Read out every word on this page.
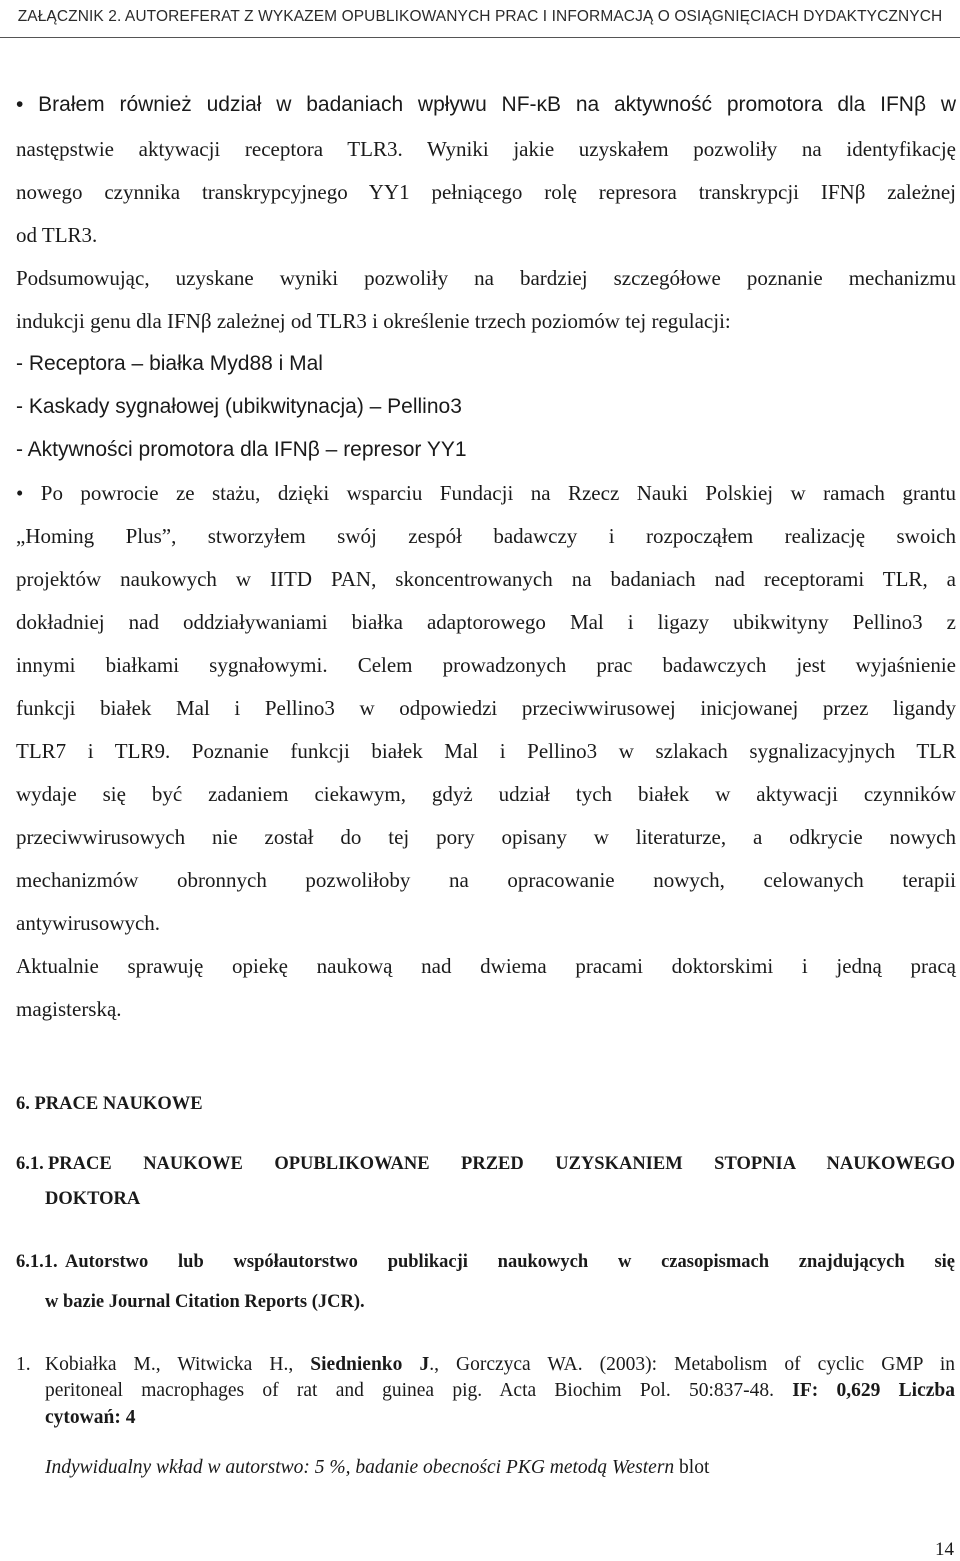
ZAŁĄCZNIK 2. AUTOREFERAT Z WYKAZEM OPUBLIKOWANYCH PRAC I INFORMACJĄ O OSIĄGNIĘCIACH DYDAKTYCZNYCH
• Brałem również udział w badaniach wpływu NF-κB na aktywność promotora dla IFNβ w
następstwie aktywacji receptora TLR3. Wyniki jakie uzyskałem pozwoliły na identyfikację
nowego czynnika transkrypcyjnego YY1 pełniącego rolę represora transkrypcji IFNβ zależnej
od TLR3.
Podsumowując, uzyskane wyniki pozwoliły na bardziej szczegółowe poznanie mechanizmu
indukcji genu dla IFNβ zależnej od TLR3 i określenie trzech poziomów tej regulacji:
- Receptora – białka Myd88 i Mal
- Kaskady sygnałowej (ubikwitynacja) – Pellino3
- Aktywności promotora dla IFNβ – represor YY1
• Po powrocie ze stażu, dzięki wsparciu Fundacji na Rzecz Nauki Polskiej w ramach grantu
„Homing Plus”, stworzyłem swój zespół badawczy i rozpocząłem realizację swoich
projektów naukowych w IITD PAN, skoncentrowanych na badaniach nad receptorami TLR, a
dokładniej nad oddziaływaniami białka adaptorowego Mal i ligazy ubikwityny Pellino3 z
innymi białkami sygnałowymi. Celem prowadzonych prac badawczych jest wyjaśnienie
funkcji białek Mal i Pellino3 w odpowiedzi przeciwwirusowej inicjowanej przez ligandy
TLR7 i TLR9. Poznanie funkcji białek Mal i Pellino3 w szlakach sygnalizacyjnych TLR
wydaje się być zadaniem ciekawym, gdyż udział tych białek w aktywacji czynników
przeciwwirusowych nie został do tej pory opisany w literaturze, a odkrycie nowych
mechanizmów obronnych pozwoliłoby na opracowanie nowych, celowanych terapii
antywirusowych.
Aktualnie sprawuję opiekę naukową nad dwiema pracami doktorskimi i jedną pracą
magisterską.
6. PRACE NAUKOWE
6.1. PRACE NAUKOWE OPUBLIKOWANE PRZED UZYSKANIEM STOPNIA NAUKOWEGO
DOKTORA
6.1.1. Autorstwo lub współautorstwo publikacji naukowych w czasopismach znajdujących się
w bazie Journal Citation Reports (JCR).
1. Kobiałka M., Witwicka H., Siednienko J., Gorczyca WA. (2003): Metabolism of cyclic GMP in
peritoneal macrophages of rat and guinea pig. Acta Biochim Pol. 50:837-48. IF: 0,629 Liczba
cytowań: 4
Indywidualny wkład w autorstwo: 5 %, badanie obecności PKG metodą Western blot
14
